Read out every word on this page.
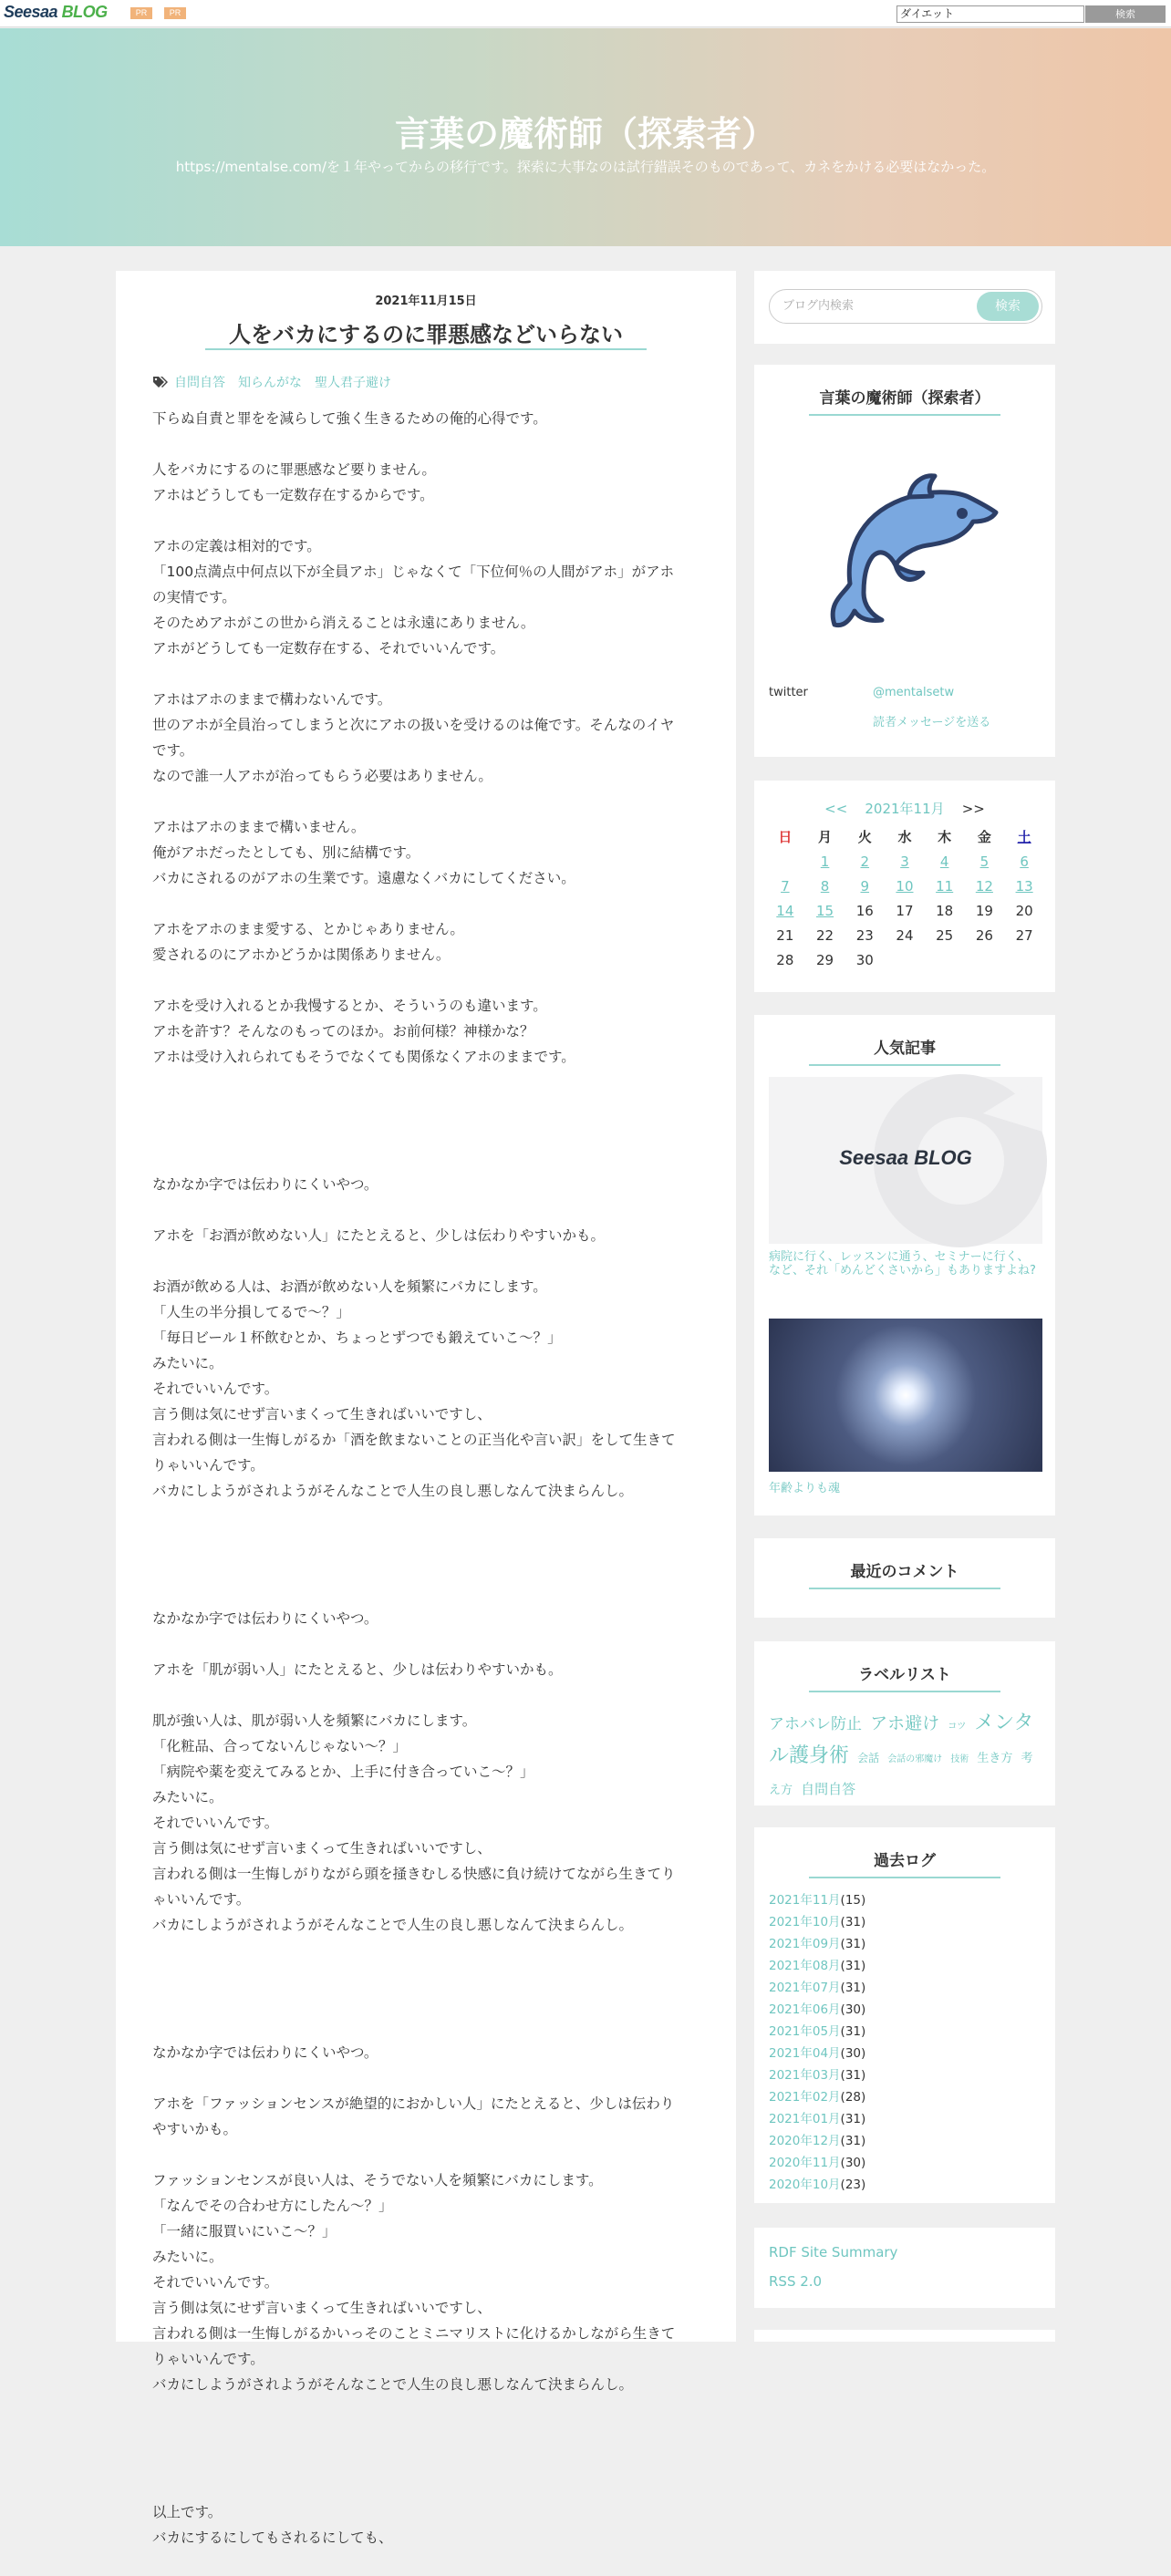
Seesaa BLOG	PR	PR	ダイエット	検索
言葉の魔術師（探索者）
https://mentalse.com/を１年やってからの移行です。探索に大事なのは試行錯誤そのものであって、カネをかける必要はなかった。
2021年11月15日
人をバカにするのに罪悪感などいらない
自問自答 知らんがな 聖人君子避け

下らぬ自責と罪をを減らして強く生きるための俺的心得です。

人をバカにするのに罪悪感など要りません。
アホはどうしても一定数存在するからです。

アホの定義は相対的です。
「100点満点中何点以下が全員アホ」じゃなくて「下位何％の人間がアホ」がアホ
の実情です。
そのためアホがこの世から消えることは永遠にありません。
アホがどうしても一定数存在する、それでいいんです。

アホはアホのままで構わないんです。
世のアホが全員治ってしまうと次にアホの扱いを受けるのは俺です。そんなのイヤ
です。
なので誰一人アホが治ってもらう必要はありません。

アホはアホのままで構いません。
俺がアホだったとしても、別に結構です。
バカにされるのがアホの生業です。遠慮なくバカにしてください。

アホをアホのまま愛する、とかじゃありません。
愛されるのにアホかどうかは関係ありません。

アホを受け入れるとか我慢するとか、そういうのも違います。
アホを許す？そんなのもってのほか。お前何様？神様かな？
アホは受け入れられてもそうでなくても関係なくアホのままです。

なかなか字では伝わりにくいやつ。

アホを「お酒が飲めない人」にたとえると、少しは伝わりやすいかも。

お酒が飲める人は、お酒が飲めない人を頻繁にバカにします。
「人生の半分損してるで～？」
「毎日ビール１杯飲むとか、ちょっとずつでも鍛えていこ～？」
みたいに。
それでいいんです。
言う側は気にせず言いまくって生きればいいですし、
言われる側は一生悔しがるか「酒を飲まないことの正当化や言い訳」をして生きて
りゃいいんです。
バカにしようがされようがそんなことで人生の良し悪しなんて決まらんし。

なかなか字では伝わりにくいやつ。

アホを「肌が弱い人」にたとえると、少しは伝わりやすいかも。

肌が強い人は、肌が弱い人を頻繁にバカにします。
「化粧品、合ってないんじゃない～？」
「病院や薬を変えてみるとか、上手に付き合っていこ～？」
みたいに。
それでいいんです。
言う側は気にせず言いまくって生きればいいですし、
言われる側は一生悔しがりながら頭を掻きむしる快感に負け続けてながら生きてり
ゃいいんです。
バカにしようがされようがそんなことで人生の良し悪しなんて決まらんし。

なかなか字では伝わりにくいやつ。

アホを「ファッションセンスが絶望的におかしい人」にたとえると、少しは伝わり
やすいかも。

ファッションセンスが良い人は、そうでない人を頻繁にバカにします。
「なんでその合わせ方にしたん～？」
「一緒に服買いにいこ～？」
みたいに。
それでいいんです。
言う側は気にせず言いまくって生きればいいですし、
言われる側は一生悔しがるかいっそのことミニマリストに化けるかしながら生きて
りゃいいんです。
バカにしようがされようがそんなことで人生の良し悪しなんて決まらんし。

以上です。
バカにするにしてもされるにしても、

ブログ内検索	検索
言葉の魔術師（探索者）
twitter	@mentalsetw
読者メッセージを送る
<< 2021年11月 >>
日	月	火	水	木	金	土
	1	2	3	4	5	6
7	8	9	10	11	12	13
14	15	16	17	18	19	20
21	22	23	24	25	26	27
28	29	30				
人気記事
Seesaa BLOG
病院に行く、レッスンに通う、セミナーに行く、など、それ「めんどくさいから」もありますよね?
年齢よりも魂
最近のコメント
ラベルリスト
アホバレ防止 アホ避け コツ メンタル護身術 会話 会話の邪魔け 技術 生き方 考え方 自問自答
過去ログ
2021年11月(15)
2021年10月(31)
2021年09月(31)
2021年08月(31)
2021年07月(31)
2021年06月(30)
2021年05月(31)
2021年04月(30)
2021年03月(31)
2021年02月(28)
2021年01月(31)
2020年12月(31)
2020年11月(30)
2020年10月(23)
RDF Site Summary
RSS 2.0
